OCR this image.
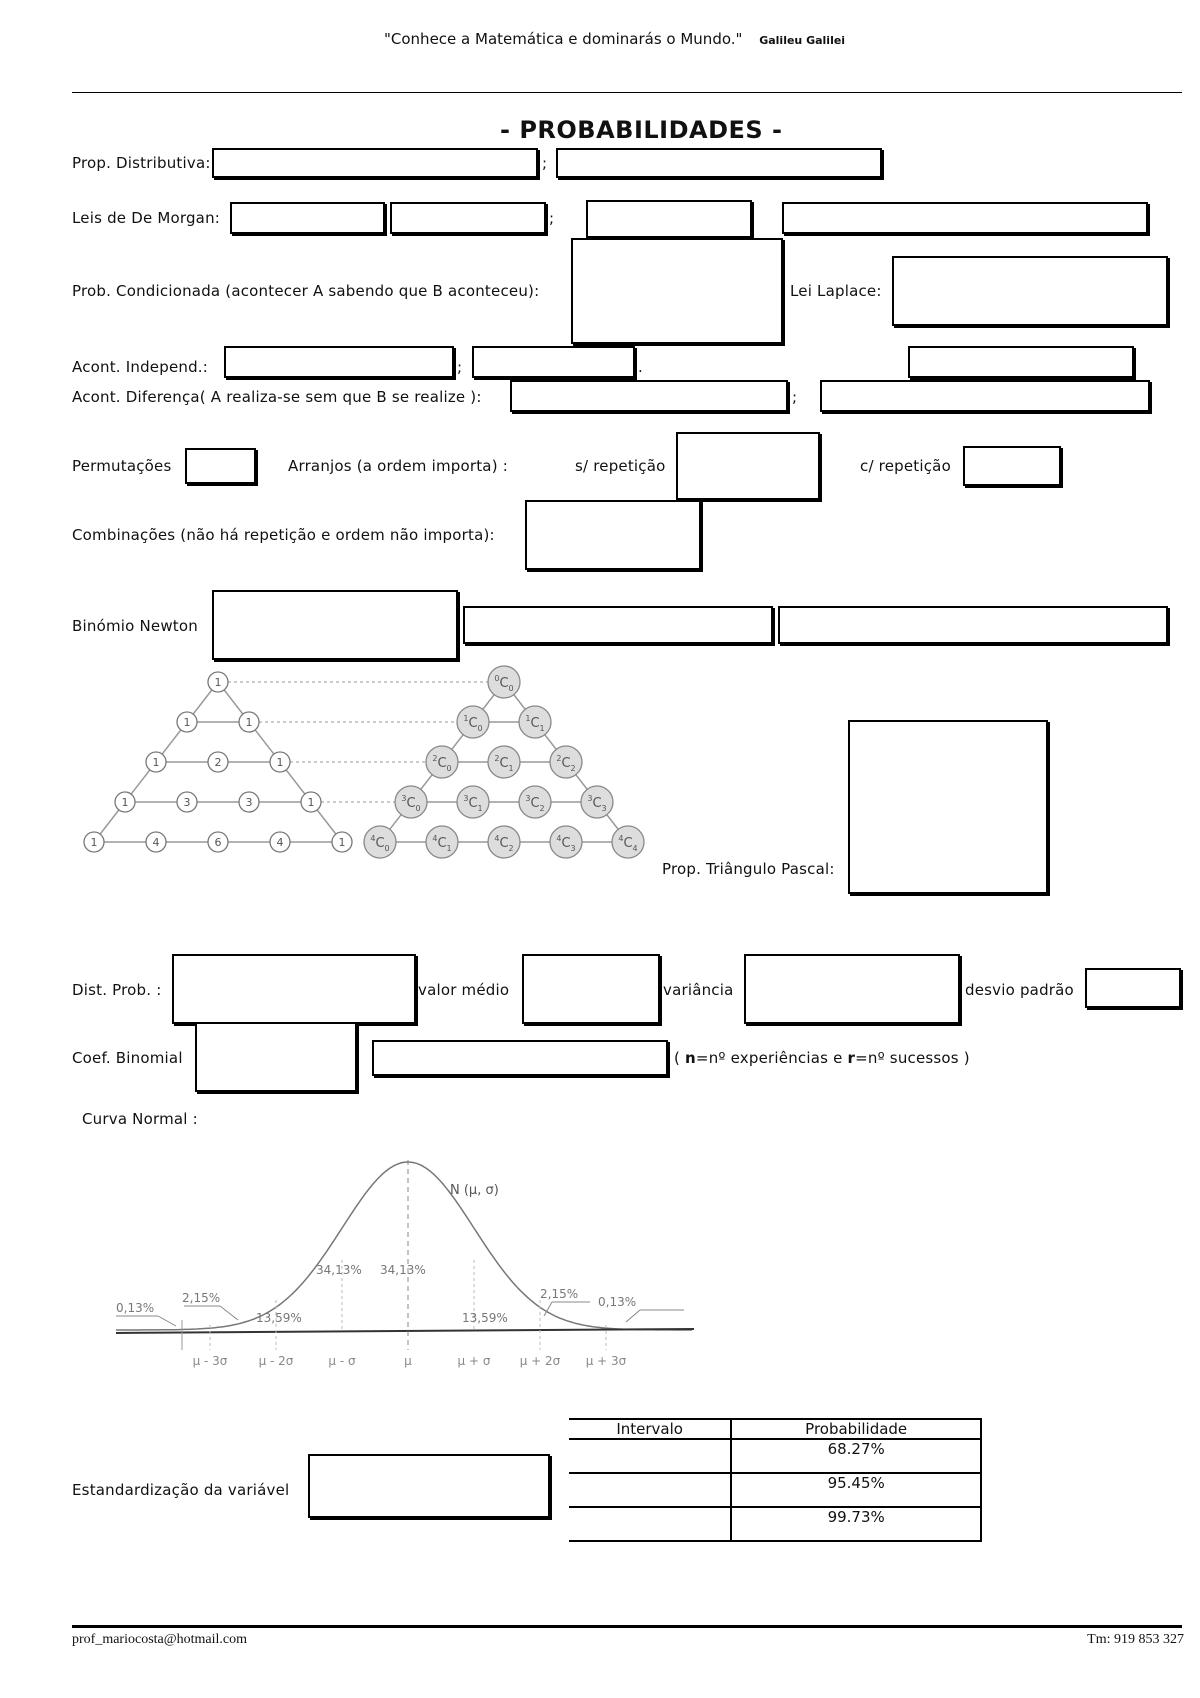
"Conhece a Matemática e dominarás o Mundo." Galileu Galilei
- PROBABILIDADES -
Prop. Distributiva:	;
Leis de De Morgan:	;
Prob. Condicionada (acontecer A sabendo que B aconteceu):	Lei Laplace:
Acont. Independ.:	;	.
Acont. Diferença( A realiza-se sem que B se realize ):	;
Permutações	Arranjos (a ordem importa) :	s/ repetição	c/ repetição
Combinações (não há repetição e ordem não importa):
Binómio Newton
1
1	1
1	2	1
1	3	3	1
1	4	6	4	1
$^0C_0$
$^1C_0$
$^1C_1$
$^2C_0$
$^2C_1$
$^2C_2$
$^3C_0$
$^3C_1$
$^3C_2$
$^3C_3$
$^4C_0$
$^4C_1$
$^4C_2$
$^4C_3$
$^4C_4$
Prop. Triângulo Pascal:
Dist. Prob. :	valor médio	variância	desvio padrão
Coef. Binomial	( n=nº experiências e r=nº sucessos )
Curva Normal :
N (μ, σ)
0,13%
2,15%
13,59%
34,13% 34,13%
13,59%
2,15%
0,13%
μ - 3σ	μ - 2σ	μ - σ	μ	μ + σ μ + 2σ μ + 3σ
Estandardização da variável
Intervalo	Probabilidade
	68.27%
	95.45%
	99.73%
prof_mariocosta@hotmail.com	Tm: 919 853 327
